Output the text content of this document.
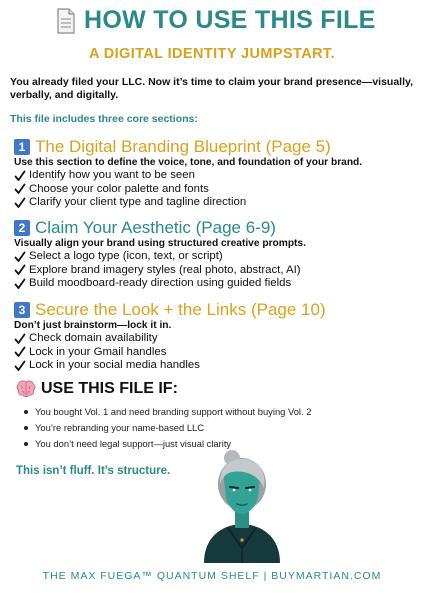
HOW TO USE THIS FILE
A DIGITAL IDENTITY JUMPSTART.
You already filed your LLC. Now it’s time to claim your brand presence—visually, verbally, and digitally.
This file includes three core sections:
1 The Digital Branding Blueprint (Page 5)
Use this section to define the voice, tone, and foundation of your brand.
Identify how you want to be seen
Choose your color palette and fonts
Clarify your client type and tagline direction
2 Claim Your Aesthetic (Page 6-9)
Visually align your brand using structured creative prompts.
Select a logo type (icon, text, or script)
Explore brand imagery styles (real photo, abstract, AI)
Build moodboard-ready direction using guided fields
3 Secure the Look + the Links (Page 10)
Don’t just brainstorm—lock it in.
Check domain availability
Lock in your Gmail handles
Lock in your social media handles
USE THIS FILE IF:
You bought Vol. 1 and need branding support without buying Vol. 2
You’re rebranding your name-based LLC
You don’t need legal support—just visual clarity
This isn’t fluff. It’s structure.
THE MAX FUEGA™ QUANTUM SHELF | BUYMARTIAN.COM
